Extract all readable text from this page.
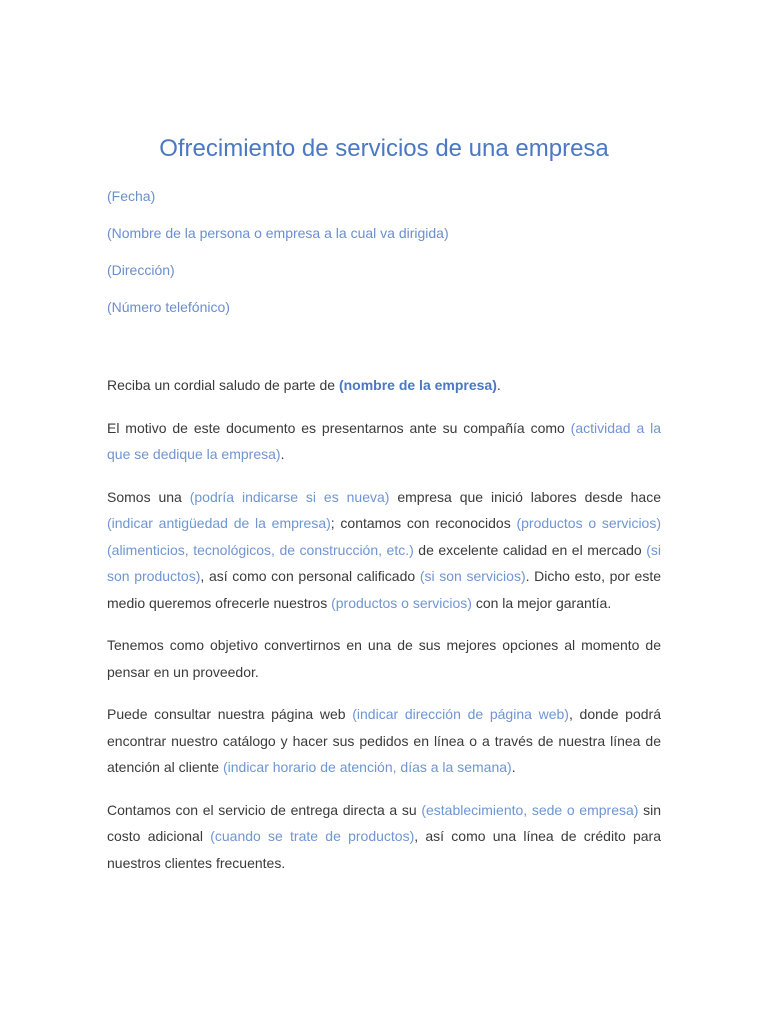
Ofrecimiento de servicios de una empresa

(Fecha)

(Nombre de la persona o empresa a la cual va dirigida)

(Dirección)

(Número telefónico)

Reciba un cordial saludo de parte de (nombre de la empresa).

El motivo de este documento es presentarnos ante su compañía como (actividad a la que se dedique la empresa).

Somos una (podría indicarse si es nueva) empresa que inició labores desde hace (indicar antigüedad de la empresa); contamos con reconocidos (productos o servicios) (alimenticios, tecnológicos, de construcción, etc.) de excelente calidad en el mercado (si son productos), así como con personal calificado (si son servicios). Dicho esto, por este medio queremos ofrecerle nuestros (productos o servicios) con la mejor garantía.

Tenemos como objetivo convertirnos en una de sus mejores opciones al momento de pensar en un proveedor.

Puede consultar nuestra página web (indicar dirección de página web), donde podrá encontrar nuestro catálogo y hacer sus pedidos en línea o a través de nuestra línea de atención al cliente (indicar horario de atención, días a la semana).

Contamos con el servicio de entrega directa a su (establecimiento, sede o empresa) sin costo adicional (cuando se trate de productos), así como una línea de crédito para nuestros clientes frecuentes.
